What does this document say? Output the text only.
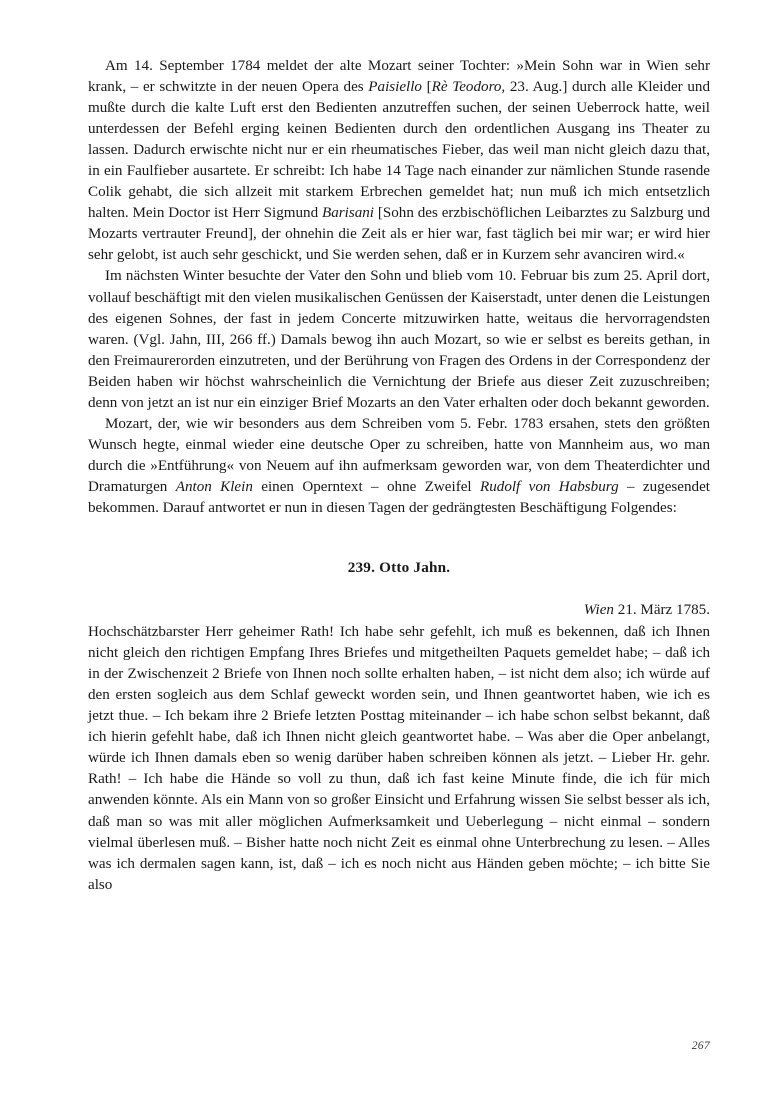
Am 14. September 1784 meldet der alte Mozart seiner Tochter: »Mein Sohn war in Wien sehr krank, – er schwitzte in der neuen Opera des Paisiello [Rè Teodoro, 23. Aug.] durch alle Kleider und mußte durch die kalte Luft erst den Bedienten anzutreffen suchen, der seinen Ueberrock hatte, weil unterdessen der Befehl erging keinen Bedienten durch den ordentlichen Ausgang ins Theater zu lassen. Dadurch erwischte nicht nur er ein rheumatisches Fieber, das weil man nicht gleich dazu that, in ein Faulfieber ausartete. Er schreibt: Ich habe 14 Tage nach einander zur nämlichen Stunde rasende Colik gehabt, die sich allzeit mit starkem Erbrechen gemeldet hat; nun muß ich mich entsetzlich halten. Mein Doctor ist Herr Sigmund Barisani [Sohn des erzbischöflichen Leibarztes zu Salzburg und Mozarts vertrauter Freund], der ohnehin die Zeit als er hier war, fast täglich bei mir war; er wird hier sehr gelobt, ist auch sehr geschickt, und Sie werden sehen, daß er in Kurzem sehr avanciren wird.«

Im nächsten Winter besuchte der Vater den Sohn und blieb vom 10. Februar bis zum 25. April dort, vollauf beschäftigt mit den vielen musikalischen Genüssen der Kaiserstadt, unter denen die Leistungen des eigenen Sohnes, der fast in jedem Concerte mitzuwirken hatte, weitaus die hervorragendsten waren. (Vgl. Jahn, III, 266 ff.) Damals bewog ihn auch Mozart, so wie er selbst es bereits gethan, in den Freimaurerorden einzutreten, und der Berührung von Fragen des Ordens in der Correspondenz der Beiden haben wir höchst wahrscheinlich die Vernichtung der Briefe aus dieser Zeit zuzuschreiben; denn von jetzt an ist nur ein einziger Brief Mozarts an den Vater erhalten oder doch bekannt geworden.

Mozart, der, wie wir besonders aus dem Schreiben vom 5. Febr. 1783 ersahen, stets den größten Wunsch hegte, einmal wieder eine deutsche Oper zu schreiben, hatte von Mannheim aus, wo man durch die »Entführung« von Neuem auf ihn aufmerksam geworden war, von dem Theaterdichter und Dramaturgen Anton Klein einen Operntext – ohne Zweifel Rudolf von Habsburg – zugesendet bekommen. Darauf antwortet er nun in diesen Tagen der gedrängtesten Beschäftigung Folgendes:

239. Otto Jahn.

Wien 21. März 1785.

Hochschätzbarster Herr geheimer Rath! Ich habe sehr gefehlt, ich muß es bekennen, daß ich Ihnen nicht gleich den richtigen Empfang Ihres Briefes und mitgetheilten Paquets gemeldet habe; – daß ich in der Zwischenzeit 2 Briefe von Ihnen noch sollte erhalten haben, – ist nicht dem also; ich würde auf den ersten sogleich aus dem Schlaf geweckt worden sein, und Ihnen geantwortet haben, wie ich es jetzt thue. – Ich bekam ihre 2 Briefe letzten Posttag miteinander – ich habe schon selbst bekannt, daß ich hierin gefehlt habe, daß ich Ihnen nicht gleich geantwortet habe. – Was aber die Oper anbelangt, würde ich Ihnen damals eben so wenig darüber haben schreiben können als jetzt. – Lieber Hr. gehr. Rath! – Ich habe die Hände so voll zu thun, daß ich fast keine Minute finde, die ich für mich anwenden könnte. Als ein Mann von so großer Einsicht und Erfahrung wissen Sie selbst besser als ich, daß man so was mit aller möglichen Aufmerksamkeit und Ueberlegung – nicht einmal – sondern vielmal überlesen muß. – Bisher hatte noch nicht Zeit es einmal ohne Unterbrechung zu lesen. – Alles was ich dermalen sagen kann, ist, daß – ich es noch nicht aus Händen geben möchte; – ich bitte Sie also

267
